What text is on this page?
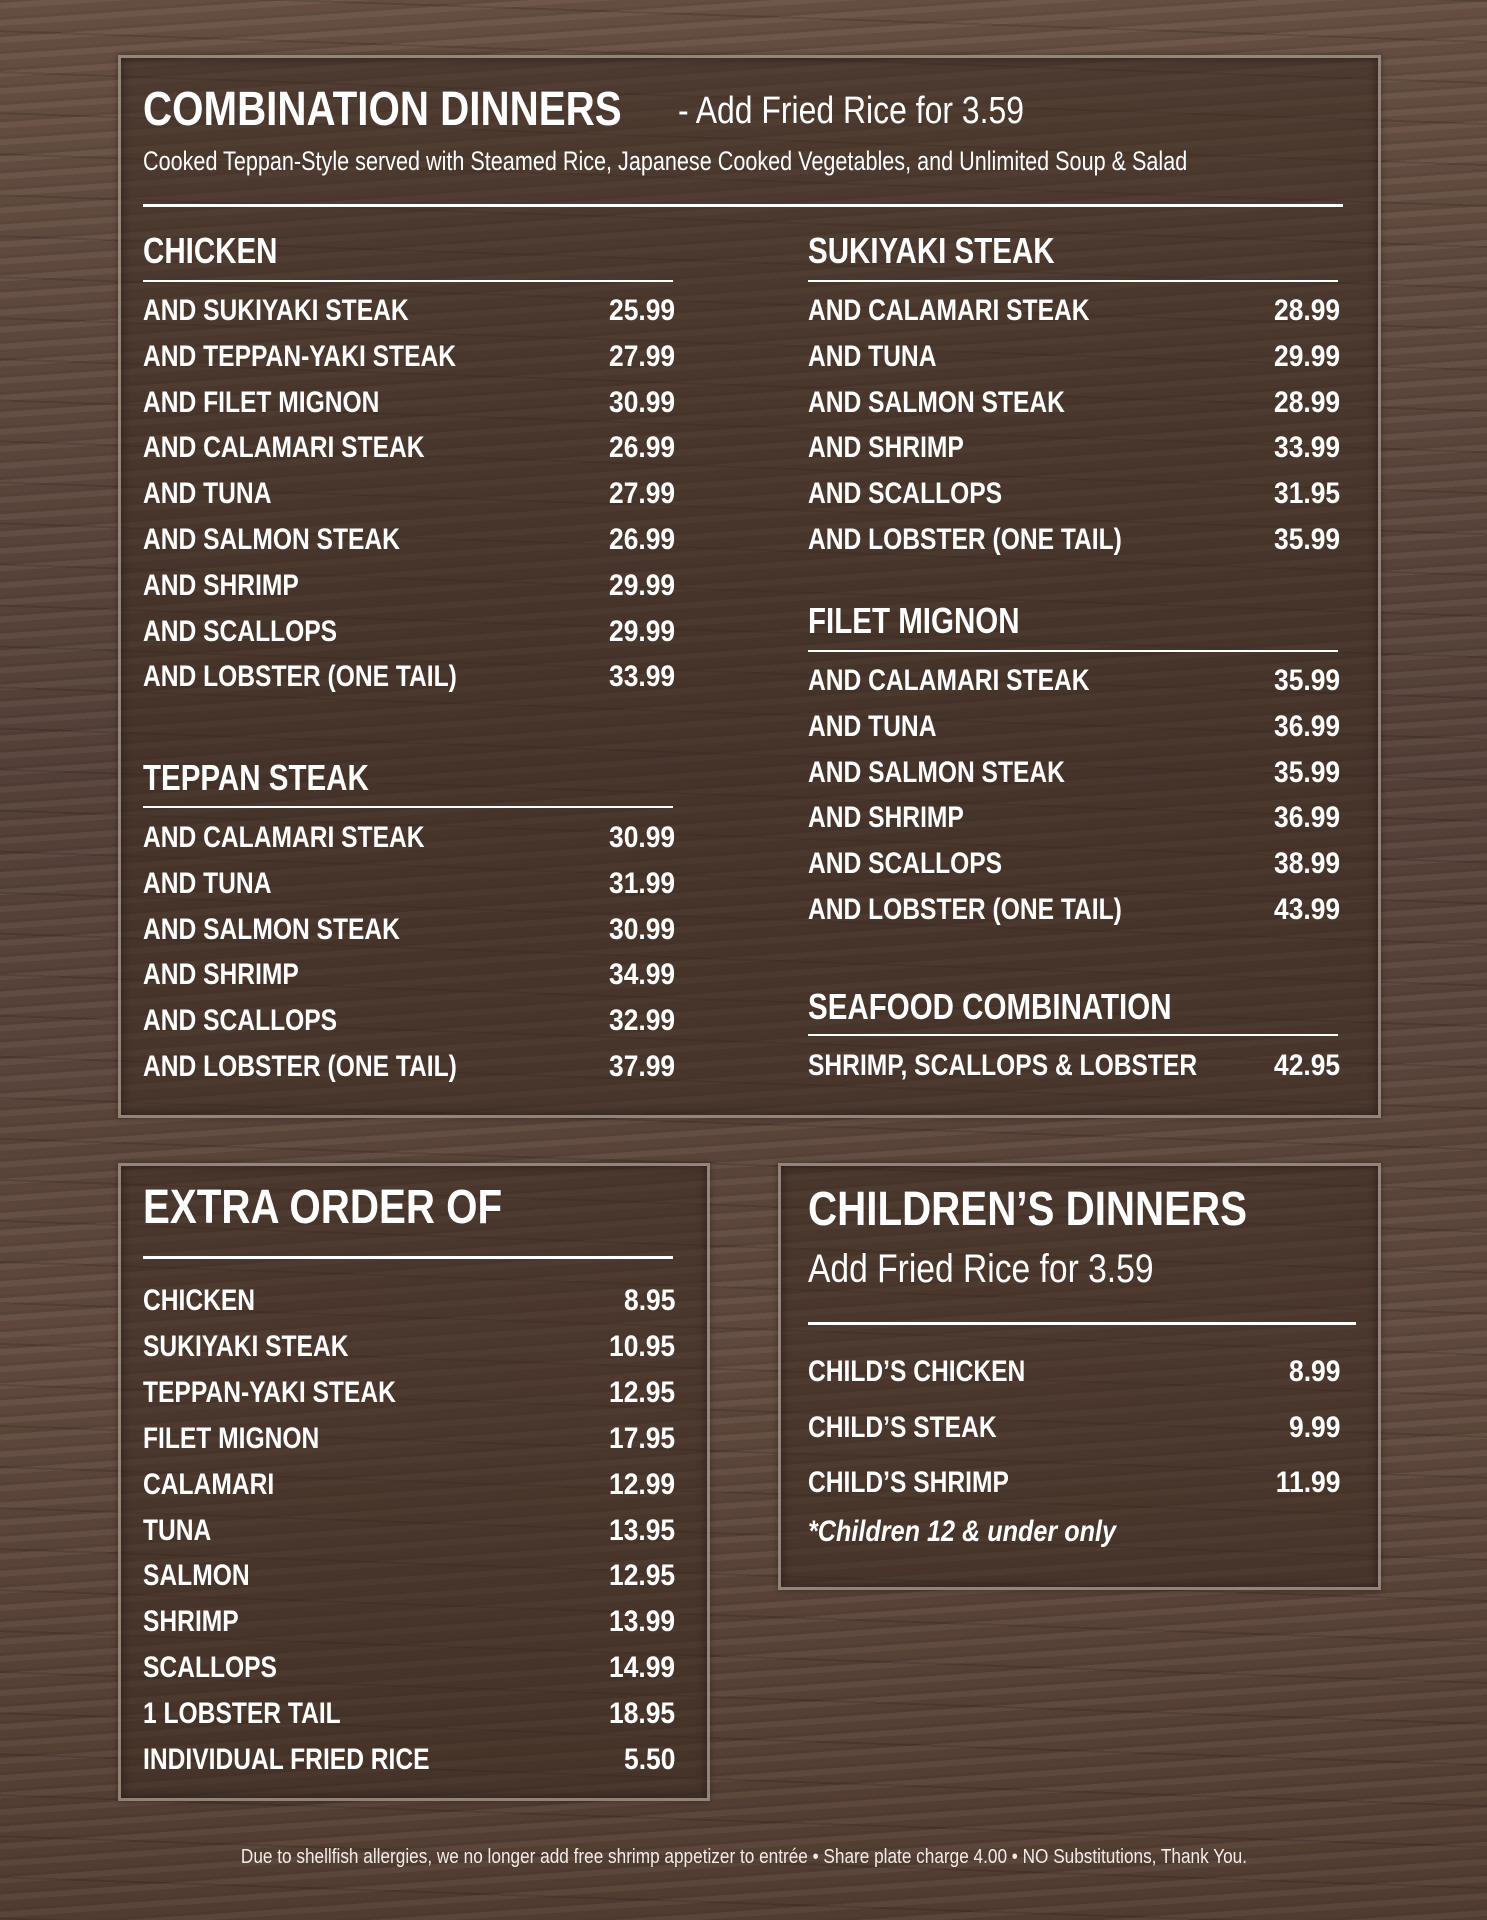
COMBINATION DINNERS - Add Fried Rice for 3.59
Cooked Teppan-Style served with Steamed Rice, Japanese Cooked Vegetables, and Unlimited Soup & Salad
CHICKEN
AND SUKIYAKI STEAK	25.99
AND TEPPAN-YAKI STEAK	27.99
AND FILET MIGNON	30.99
AND CALAMARI STEAK	26.99
AND TUNA	27.99
AND SALMON STEAK	26.99
AND SHRIMP	29.99
AND SCALLOPS	29.99
AND LOBSTER (ONE TAIL)	33.99
TEPPAN STEAK
AND CALAMARI STEAK	30.99
AND TUNA	31.99
AND SALMON STEAK	30.99
AND SHRIMP	34.99
AND SCALLOPS	32.99
AND LOBSTER (ONE TAIL)	37.99
SUKIYAKI STEAK
AND CALAMARI STEAK	28.99
AND TUNA	29.99
AND SALMON STEAK	28.99
AND SHRIMP	33.99
AND SCALLOPS	31.95
AND LOBSTER (ONE TAIL)	35.99
FILET MIGNON
AND CALAMARI STEAK	35.99
AND TUNA	36.99
AND SALMON STEAK	35.99
AND SHRIMP	36.99
AND SCALLOPS	38.99
AND LOBSTER (ONE TAIL)	43.99
SEAFOOD COMBINATION
SHRIMP, SCALLOPS & LOBSTER	42.95
EXTRA ORDER OF
CHICKEN	8.95
SUKIYAKI STEAK	10.95
TEPPAN-YAKI STEAK	12.95
FILET MIGNON	17.95
CALAMARI	12.99
TUNA	13.95
SALMON	12.95
SHRIMP	13.99
SCALLOPS	14.99
1 LOBSTER TAIL	18.95
INDIVIDUAL FRIED RICE	5.50
CHILDREN’S DINNERS
Add Fried Rice for 3.59
CHILD’S CHICKEN	8.99
CHILD’S STEAK	9.99
CHILD’S SHRIMP	11.99
*Children 12 & under only
Due to shellfish allergies, we no longer add free shrimp appetizer to entrée • Share plate charge 4.00 • NO Substitutions, Thank You.
